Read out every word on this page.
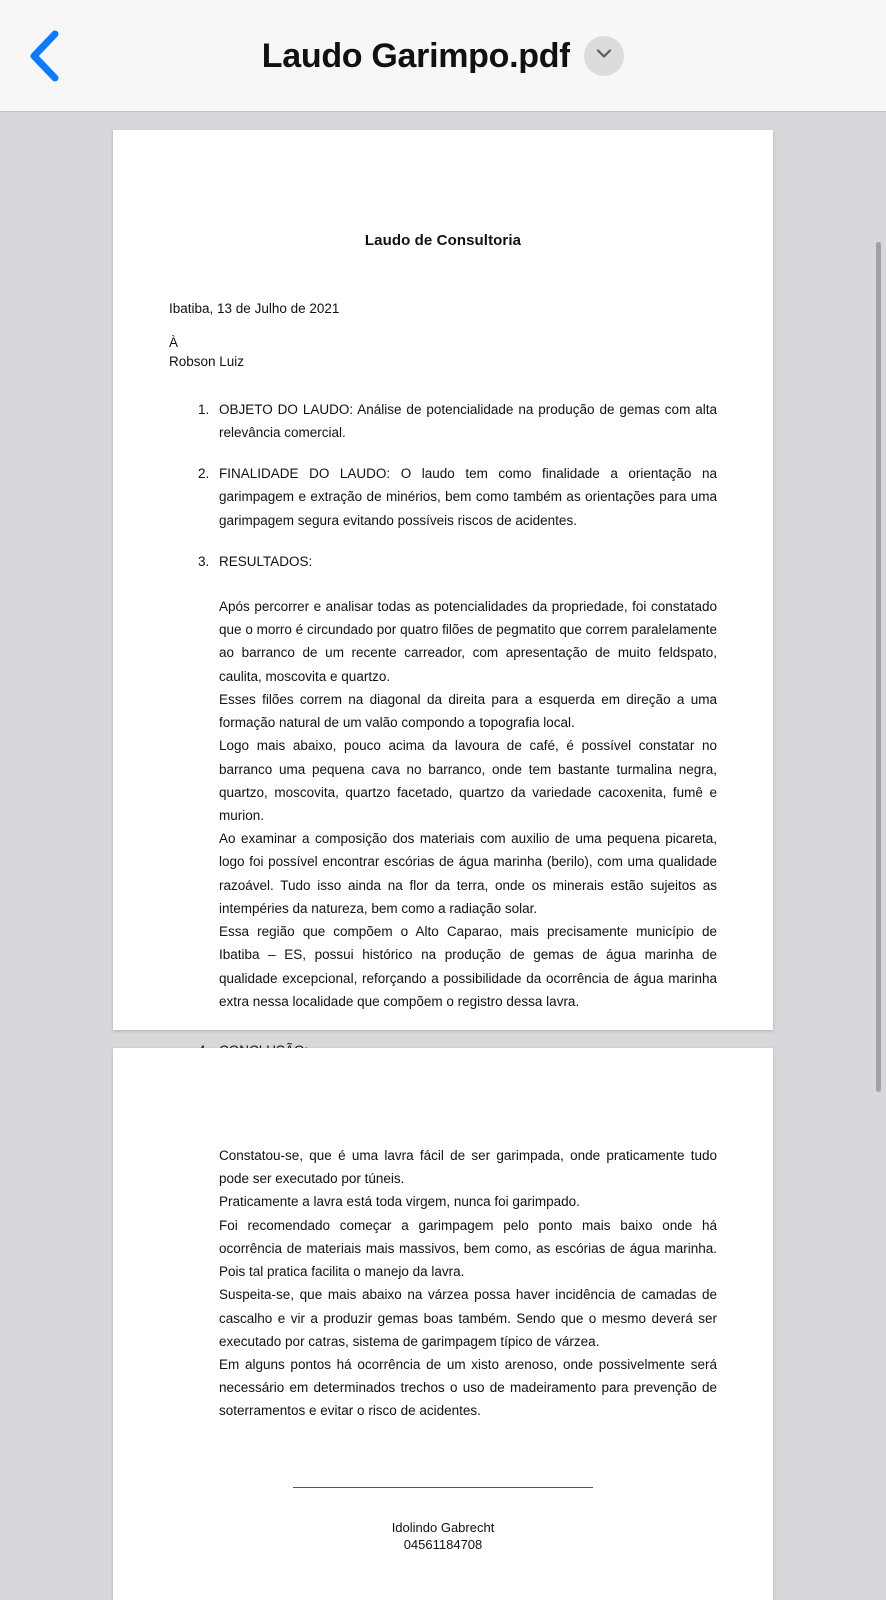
Laudo Garimpo.pdf
Laudo de Consultoria
Ibatiba, 13 de Julho de 2021
À
Robson Luiz
1. OBJETO DO LAUDO: Análise de potencialidade na produção de gemas com alta relevância comercial.
2. FINALIDADE DO LAUDO: O laudo tem como finalidade a orientação na garimpagem e extração de minérios, bem como também as orientações para uma garimpagem segura evitando possíveis riscos de acidentes.
3. RESULTADOS:

Após percorrer e analisar todas as potencialidades da propriedade, foi constatado que o morro é circundado por quatro filões de pegmatito que correm paralelamente ao barranco de um recente carreador, com apresentação de muito feldspato, caulita, moscovita e quartzo.

Esses filões correm na diagonal da direita para a esquerda em direção a uma formação natural de um valão compondo a topografia local.

Logo mais abaixo, pouco acima da lavoura de café, é possível constatar no barranco uma pequena cava no barranco, onde tem bastante turmalina negra, quartzo, moscovita, quartzo facetado, quartzo da variedade cacoxenita, fumê e murion.

Ao examinar a composição dos materiais com auxilio de uma pequena picareta, logo foi possível encontrar escórias de água marinha (berilo), com uma qualidade razoável. Tudo isso ainda na flor da terra, onde os minerais estão sujeitos as intempéries da natureza, bem como a radiação solar.

Essa região que compõem o Alto Caparao, mais precisamente município de Ibatiba – ES, possui histórico na produção de gemas de água marinha de qualidade excepcional, reforçando a possibilidade da ocorrência de água marinha extra nessa localidade que compõem o registro dessa lavra.

4.

Constatou-se, que é uma lavra fácil de ser garimpada, onde praticamente tudo pode ser executado por túneis.

Praticamente a lavra está toda virgem, nunca foi garimpado.

Foi recomendado começar a garimpagem pelo ponto mais baixo onde há ocorrência de materiais mais massivos, bem como, as escórias de água marinha. Pois tal pratica facilita o manejo da lavra.

Suspeita-se, que mais abaixo na várzea possa haver incidência de camadas de cascalho e vir a produzir gemas boas também. Sendo que o mesmo deverá ser executado por catras, sistema de garimpagem típico de várzea.

Em alguns pontos há ocorrência de um xisto arenoso, onde possivelmente será necessário em determinados trechos o uso de madeiramento para prevenção de soterramentos e evitar o risco de acidentes.

Idolindo Gabrecht
04561184708
